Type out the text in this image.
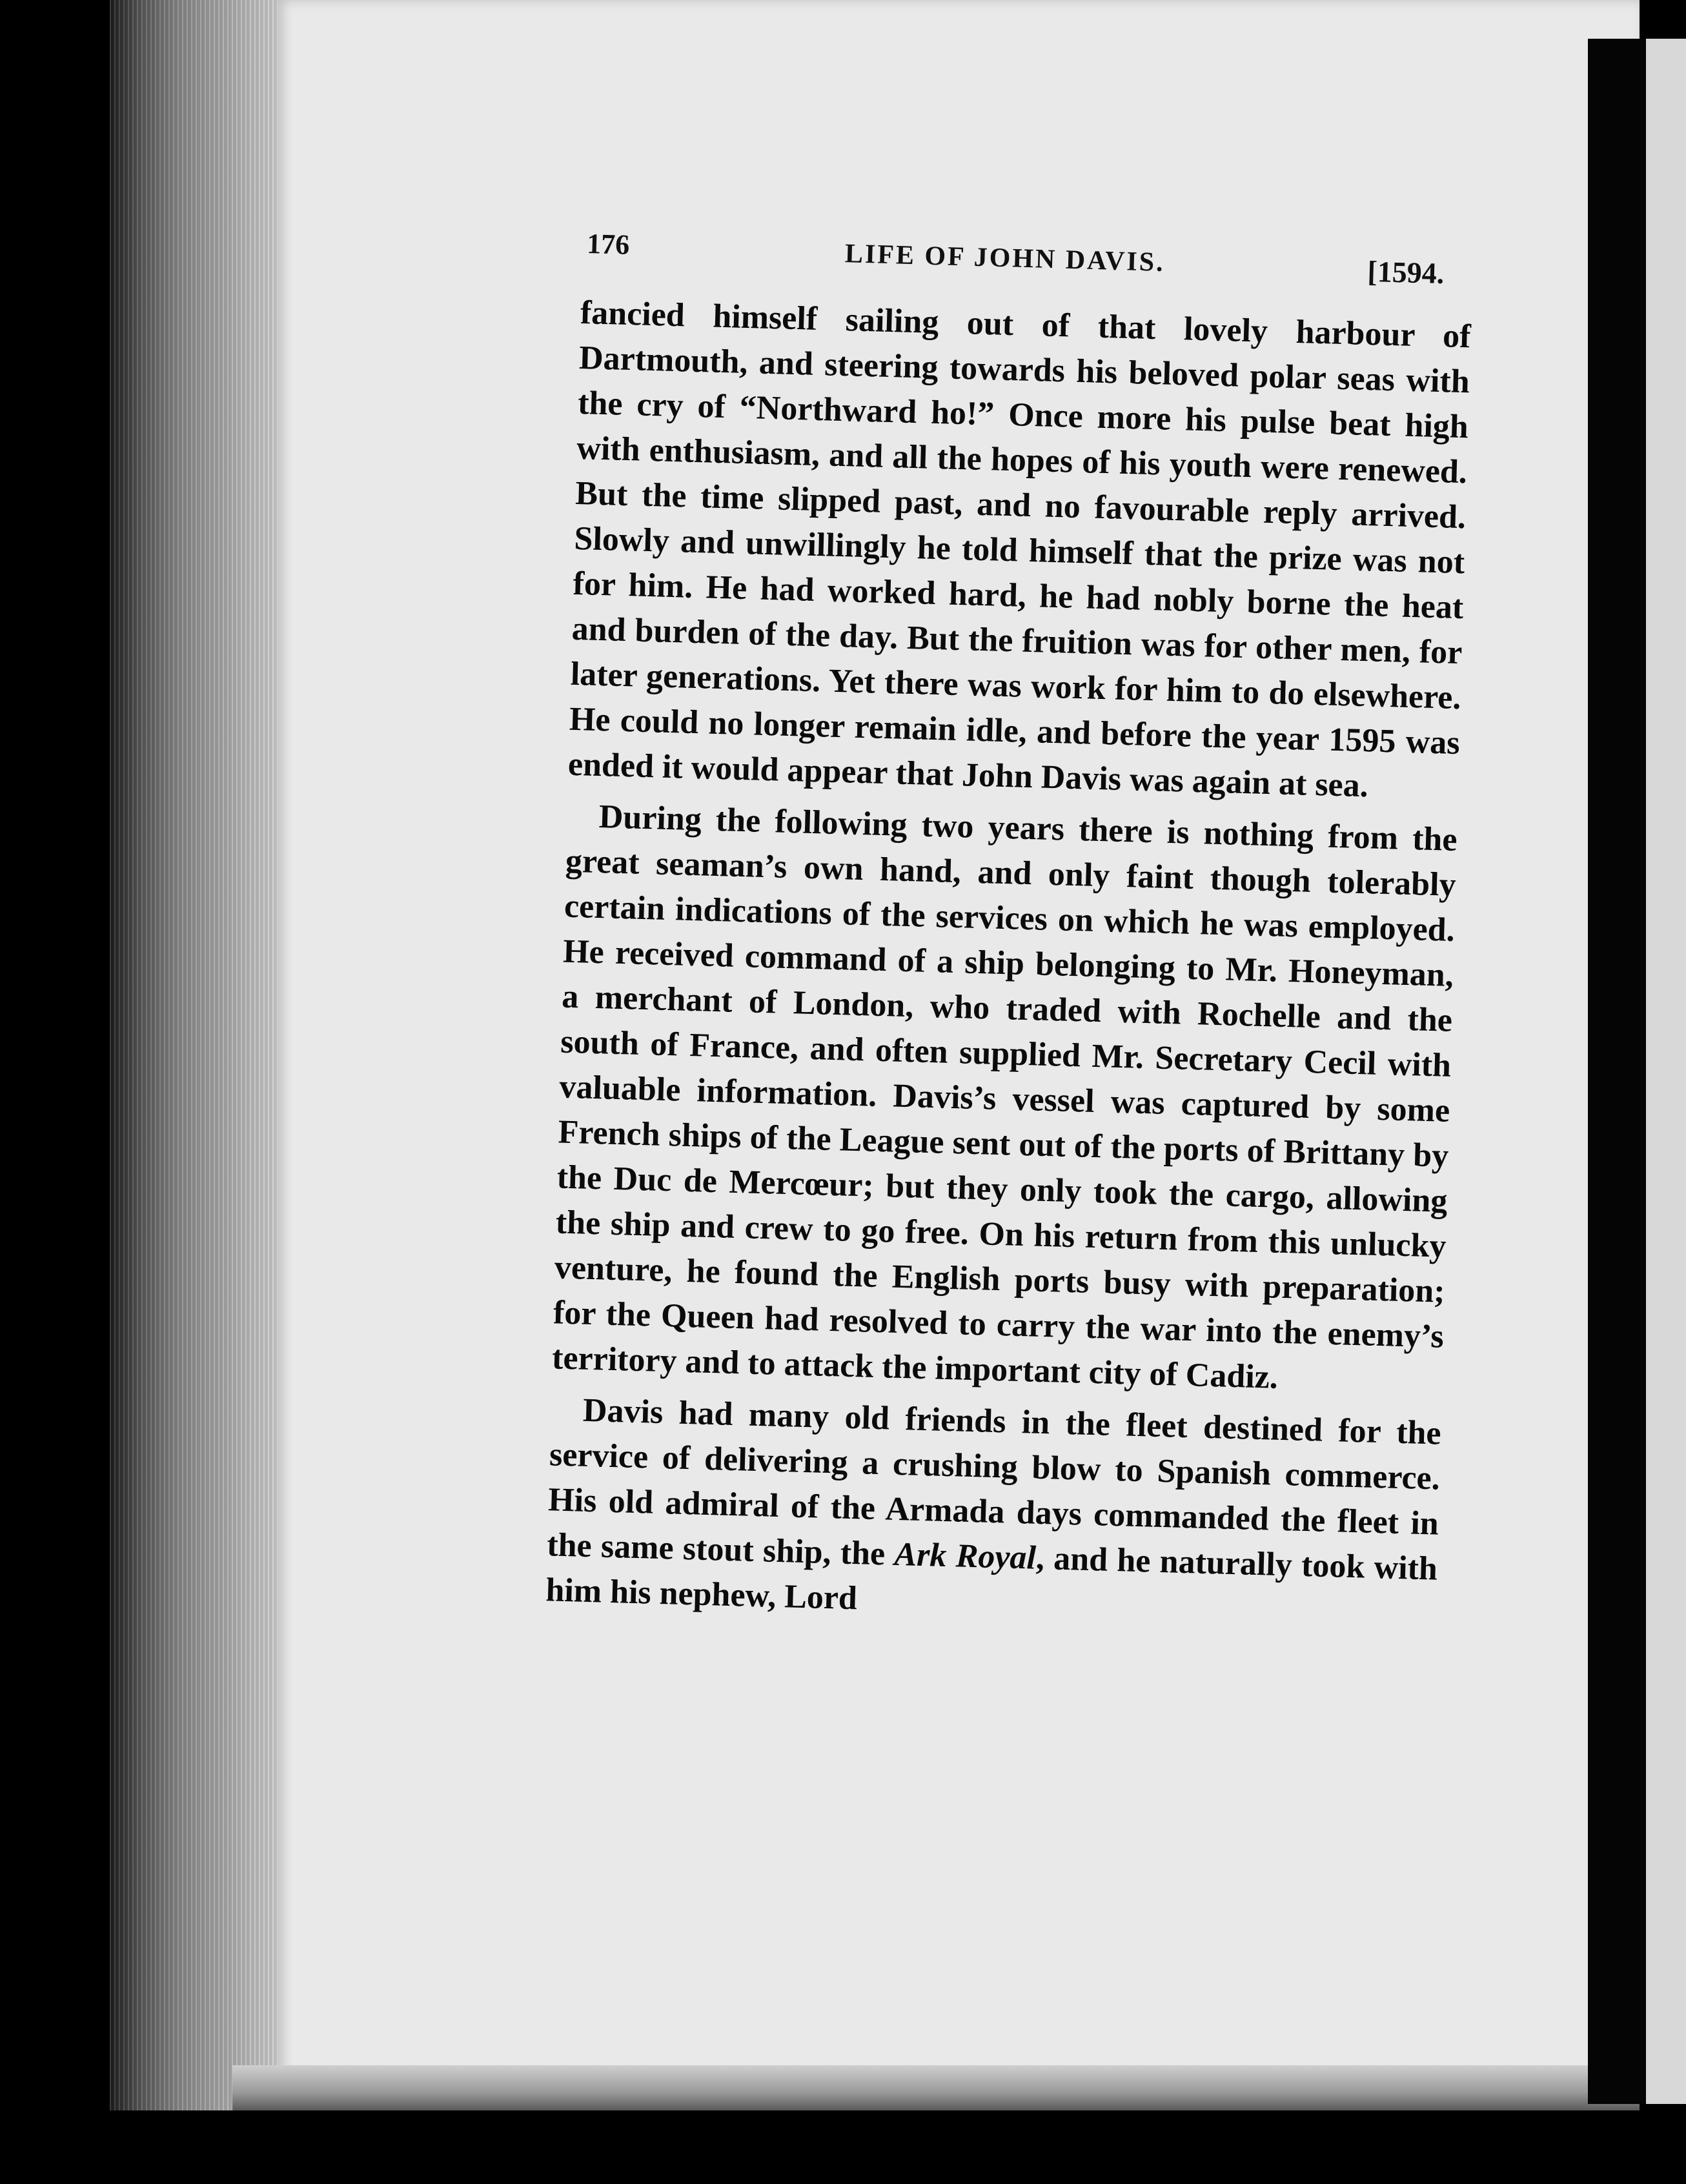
176	LIFE OF JOHN DAVIS.	[1594.

fancied himself sailing out of that lovely harbour of Dartmouth, and steering towards his beloved polar seas with the cry of “Northward ho!” Once more his pulse beat high with enthusiasm, and all the hopes of his youth were renewed. But the time slipped past, and no favourable reply arrived. Slowly and unwillingly he told himself that the prize was not for him. He had worked hard, he had nobly borne the heat and burden of the day. But the fruition was for other men, for later generations. Yet there was work for him to do elsewhere. He could no longer remain idle, and before the year 1595 was ended it would appear that John Davis was again at sea.

During the following two years there is nothing from the great seaman’s own hand, and only faint though tolerably certain indications of the services on which he was employed. He received command of a ship belonging to Mr. Honeyman, a merchant of London, who traded with Rochelle and the south of France, and often supplied Mr. Secretary Cecil with valuable information. Davis’s vessel was captured by some French ships of the League sent out of the ports of Brittany by the Duc de Mercœur; but they only took the cargo, allowing the ship and crew to go free. On his return from this unlucky venture, he found the English ports busy with preparation; for the Queen had resolved to carry the war into the enemy’s territory and to attack the important city of Cadiz.

Davis had many old friends in the fleet destined for the service of delivering a crushing blow to Spanish commerce. His old admiral of the Armada days commanded the fleet in the same stout ship, the Ark Royal, and he naturally took with him his nephew, Lord
